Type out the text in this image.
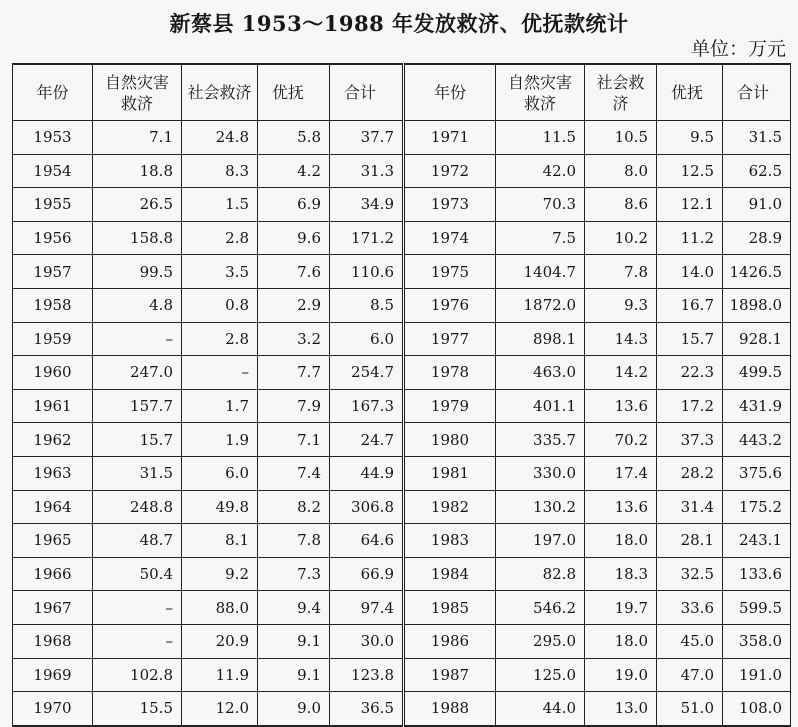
新蔡县 1953～1988 年发放救济、优抚款统计
单位：万元
年份	自然灾害救济	社会救济	优抚	合计	年份	自然灾害救济	社会救济	优抚	合计
1953	7.1	24.8	5.8	37.7	1971	11.5	10.5	9.5	31.5
1954	18.8	8.3	4.2	31.3	1972	42.0	8.0	12.5	62.5
1955	26.5	1.5	6.9	34.9	1973	70.3	8.6	12.1	91.0
1956	158.8	2.8	9.6	171.2	1974	7.5	10.2	11.2	28.9
1957	99.5	3.5	7.6	110.6	1975	1404.7	7.8	14.0	1426.5
1958	4.8	0.8	2.9	8.5	1976	1872.0	9.3	16.7	1898.0
1959	–	2.8	3.2	6.0	1977	898.1	14.3	15.7	928.1
1960	247.0	–	7.7	254.7	1978	463.0	14.2	22.3	499.5
1961	157.7	1.7	7.9	167.3	1979	401.1	13.6	17.2	431.9
1962	15.7	1.9	7.1	24.7	1980	335.7	70.2	37.3	443.2
1963	31.5	6.0	7.4	44.9	1981	330.0	17.4	28.2	375.6
1964	248.8	49.8	8.2	306.8	1982	130.2	13.6	31.4	175.2
1965	48.7	8.1	7.8	64.6	1983	197.0	18.0	28.1	243.1
1966	50.4	9.2	7.3	66.9	1984	82.8	18.3	32.5	133.6
1967	–	88.0	9.4	97.4	1985	546.2	19.7	33.6	599.5
1968	–	20.9	9.1	30.0	1986	295.0	18.0	45.0	358.0
1969	102.8	11.9	9.1	123.8	1987	125.0	19.0	47.0	191.0
1970	15.5	12.0	9.0	36.5	1988	44.0	13.0	51.0	108.0
